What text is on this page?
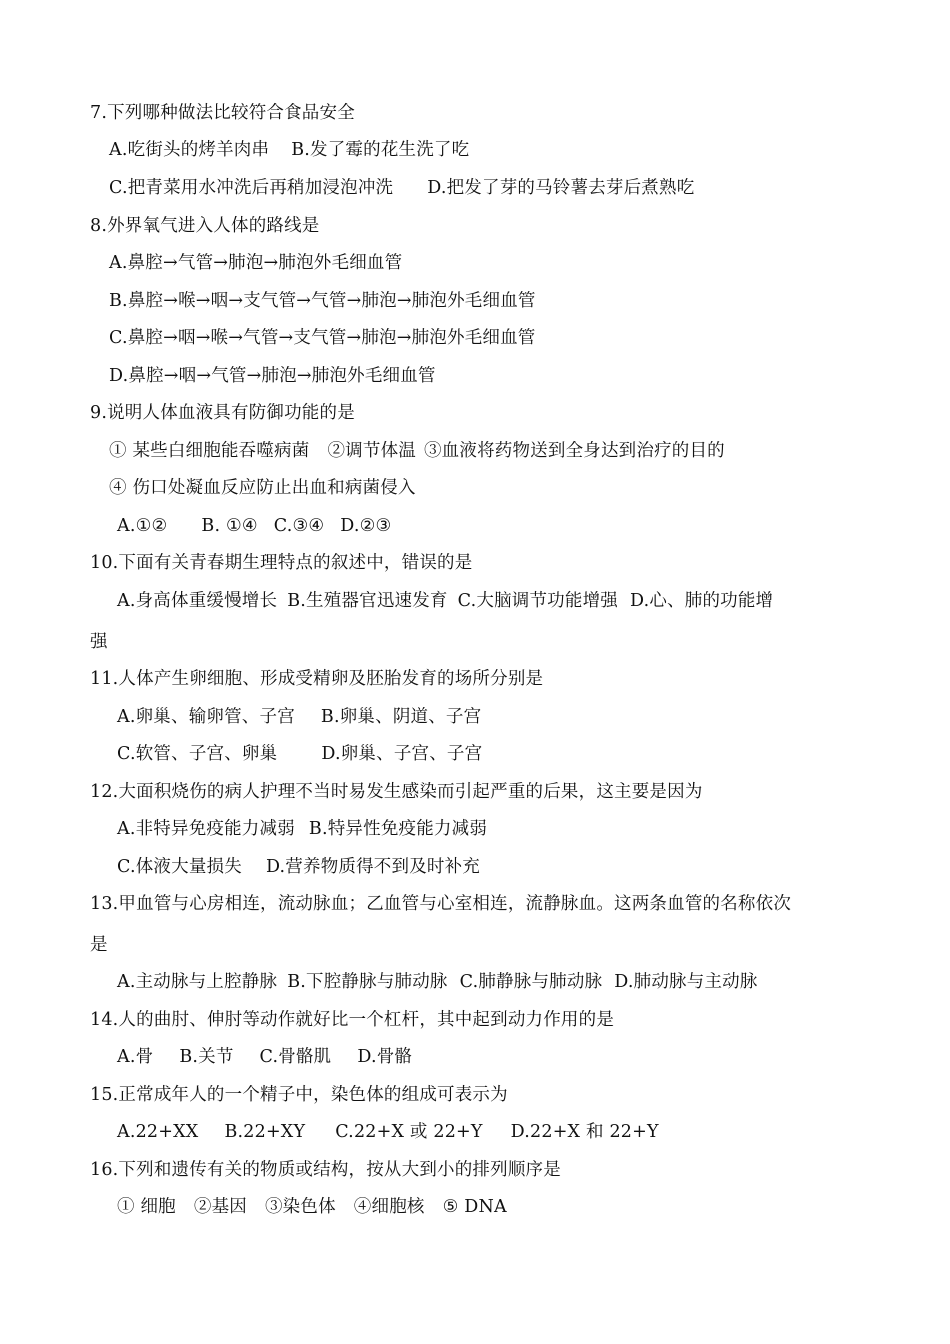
7.下列哪种做法比较符合食品安全
A.吃街头的烤羊肉串 B.发了霉的花生洗了吃
C.把青菜用水冲洗后再稍加浸泡冲洗 D.把发了芽的马铃薯去芽后煮熟吃
8.外界氧气进入人体的路线是
A.鼻腔→气管→肺泡→肺泡外毛细血管
B.鼻腔→喉→咽→支气管→气管→肺泡→肺泡外毛细血管
C.鼻腔→咽→喉→气管→支气管→肺泡→肺泡外毛细血管
D.鼻腔→咽→气管→肺泡→肺泡外毛细血管
9.说明人体血液具有防御功能的是
① 某些白细胞能吞噬病菌 ②调节体温 ③血液将药物送到全身达到治疗的目的
④ 伤口处凝血反应防止出血和病菌侵入
A.①② B. ①④ C.③④ D.②③
10.下面有关青春期生理特点的叙述中，错误的是
A.身高体重缓慢增长 B.生殖器官迅速发育 C.大脑调节功能增强 D.心、肺的功能增
强
11.人体产生卵细胞、形成受精卵及胚胎发育的场所分别是
A.卵巢、输卵管、子宫 B.卵巢、阴道、子宫
C.软管、子宫、卵巢	D.卵巢、子宫、子宫
12.大面积烧伤的病人护理不当时易发生感染而引起严重的后果，这主要是因为
A.非特异免疫能力减弱 B.特异性免疫能力减弱
C.体液大量损失 D.营养物质得不到及时补充
13.甲血管与心房相连，流动脉血；乙血管与心室相连，流静脉血。这两条血管的名称依次
是
A.主动脉与上腔静脉 B.下腔静脉与肺动脉 C.肺静脉与肺动脉 D.肺动脉与主动脉
14.人的曲肘、伸肘等动作就好比一个杠杆，其中起到动力作用的是
A.骨 B.关节 C.骨骼肌 D.骨骼
15.正常成年人的一个精子中，染色体的组成可表示为
A.22+XX B.22+XY C.22+X 或 22+Y D.22+X 和 22+Y
16.下列和遗传有关的物质或结构，按从大到小的排列顺序是
① 细胞 ②基因 ③染色体 ④细胞核 ⑤ DNA
